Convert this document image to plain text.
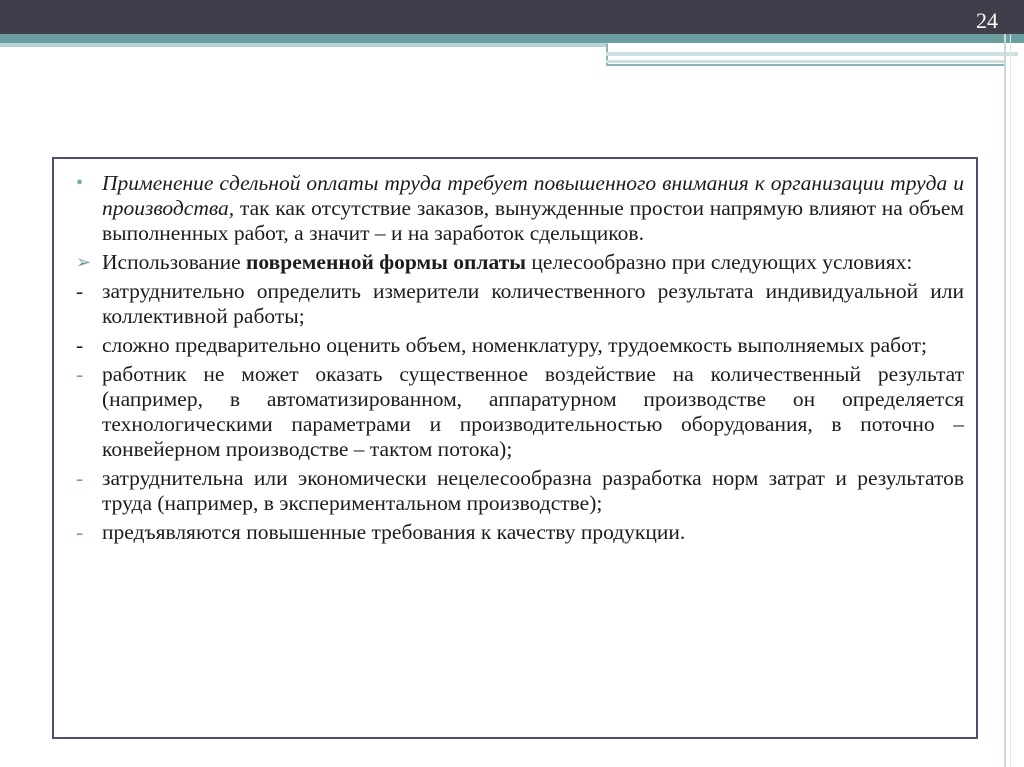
24
• Применение сдельной оплаты труда требует повышенного внимания к организации труда и производства, так как отсутствие заказов, вынужденные простои напрямую влияют на объем выполненных работ, а значит – и на заработок сдельщиков.
➢ Использование повременной формы оплаты целесообразно при следующих условиях:
- затруднительно определить измерители количественного результата индивидуальной или коллективной работы;
- сложно предварительно оценить объем, номенклатуру, трудоемкость выполняемых работ;
- работник не может оказать существенное воздействие на количественный результат (например, в автоматизированном, аппаратурном производстве он определяется технологическими параметрами и производительностью оборудования, в поточно – конвейерном производстве – тактом потока);
- затруднительна или экономически нецелесообразна разработка норм затрат и результатов труда (например, в экспериментальном производстве);
- предъявляются повышенные требования к качеству продукции.
